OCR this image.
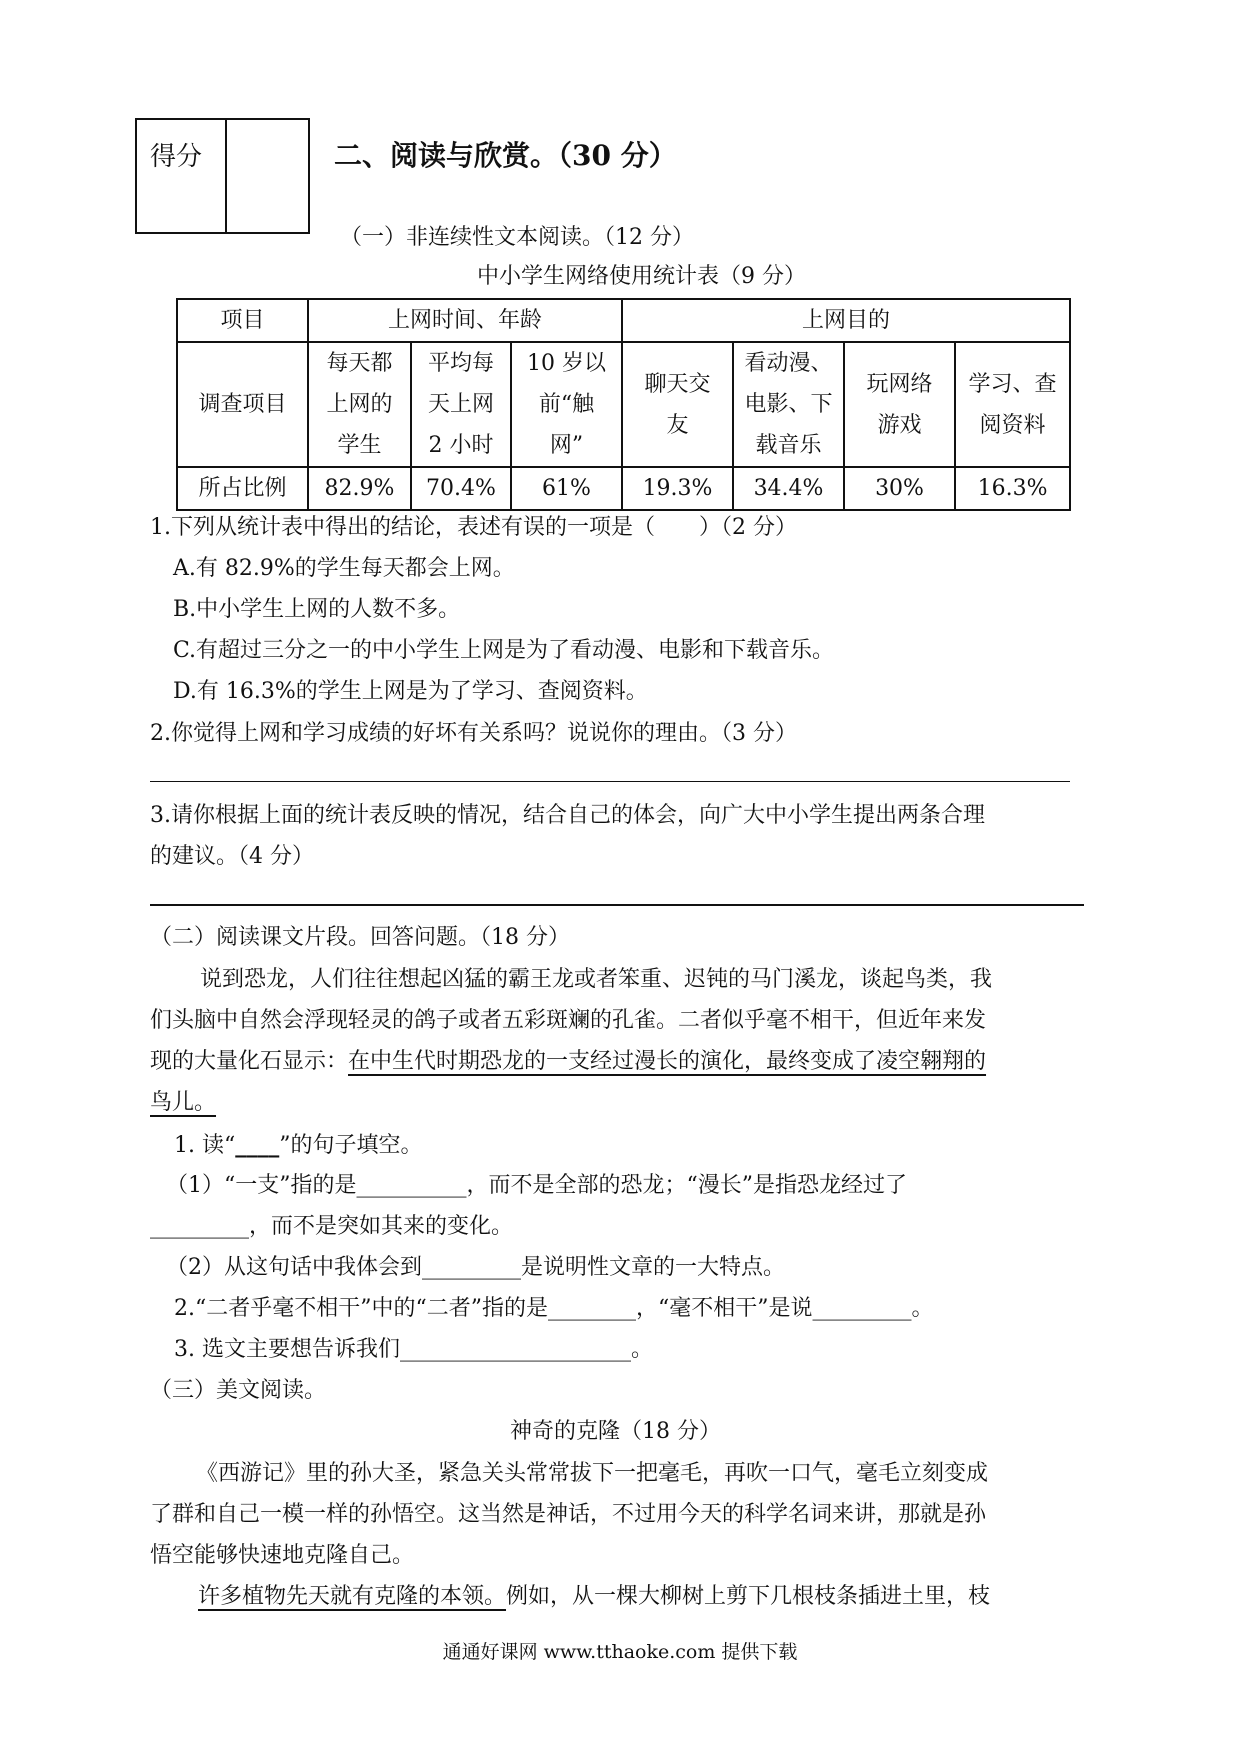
得分	二、阅读与欣赏。（30 分）
（一）非连续性文本阅读。（12 分）
中小学生网络使用统计表（9 分）
项目	上网时间、年龄			上网目的			
调查项目	每天都上网的学生	平均每天上网2 小时	10 岁以前“触网”	聊天交友	看动漫、电影、下载音乐	玩网络游戏	学习、查阅资料
所占比例	82.9%	70.4%	61%	19.3%	34.4%	30%	16.3%
1.下列从统计表中得出的结论，表述有误的一项是（　　）（2 分）
A.有 82.9%的学生每天都会上网。
B.中小学生上网的人数不多。
C.有超过三分之一的中小学生上网是为了看动漫、电影和下载音乐。
D.有 16.3%的学生上网是为了学习、查阅资料。
2.你觉得上网和学习成绩的好坏有关系吗？说说你的理由。（3 分）
3.请你根据上面的统计表反映的情况，结合自己的体会，向广大中小学生提出两条合理
的建议。（4 分）
（二）阅读课文片段。回答问题。（18 分）
说到恐龙，人们往往想起凶猛的霸王龙或者笨重、迟钝的马门溪龙，谈起鸟类，我
们头脑中自然会浮现轻灵的鸽子或者五彩斑斓的孔雀。二者似乎毫不相干，但近年来发
现的大量化石显示：在中生代时期恐龙的一支经过漫长的演化，最终变成了凌空翱翔的
鸟儿。
1. 读“____”的句子填空。
（1）“一支”指的是__________，而不是全部的恐龙；“漫长”是指恐龙经过了
_________，而不是突如其来的变化。
（2）从这句话中我体会到_________是说明性文章的一大特点。
2.“二者乎毫不相干”中的“二者”指的是________，“毫不相干”是说_________。
3. 选文主要想告诉我们_____________________。
（三）美文阅读。
神奇的克隆（18 分）
《西游记》里的孙大圣，紧急关头常常拔下一把毫毛，再吹一口气，毫毛立刻变成
了群和自己一模一样的孙悟空。这当然是神话，不过用今天的科学名词来讲，那就是孙
悟空能够快速地克隆自己。
许多植物先天就有克隆的本领。例如，从一棵大柳树上剪下几根枝条插进土里，枝
通通好课网 www.tthaoke.com 提供下载
